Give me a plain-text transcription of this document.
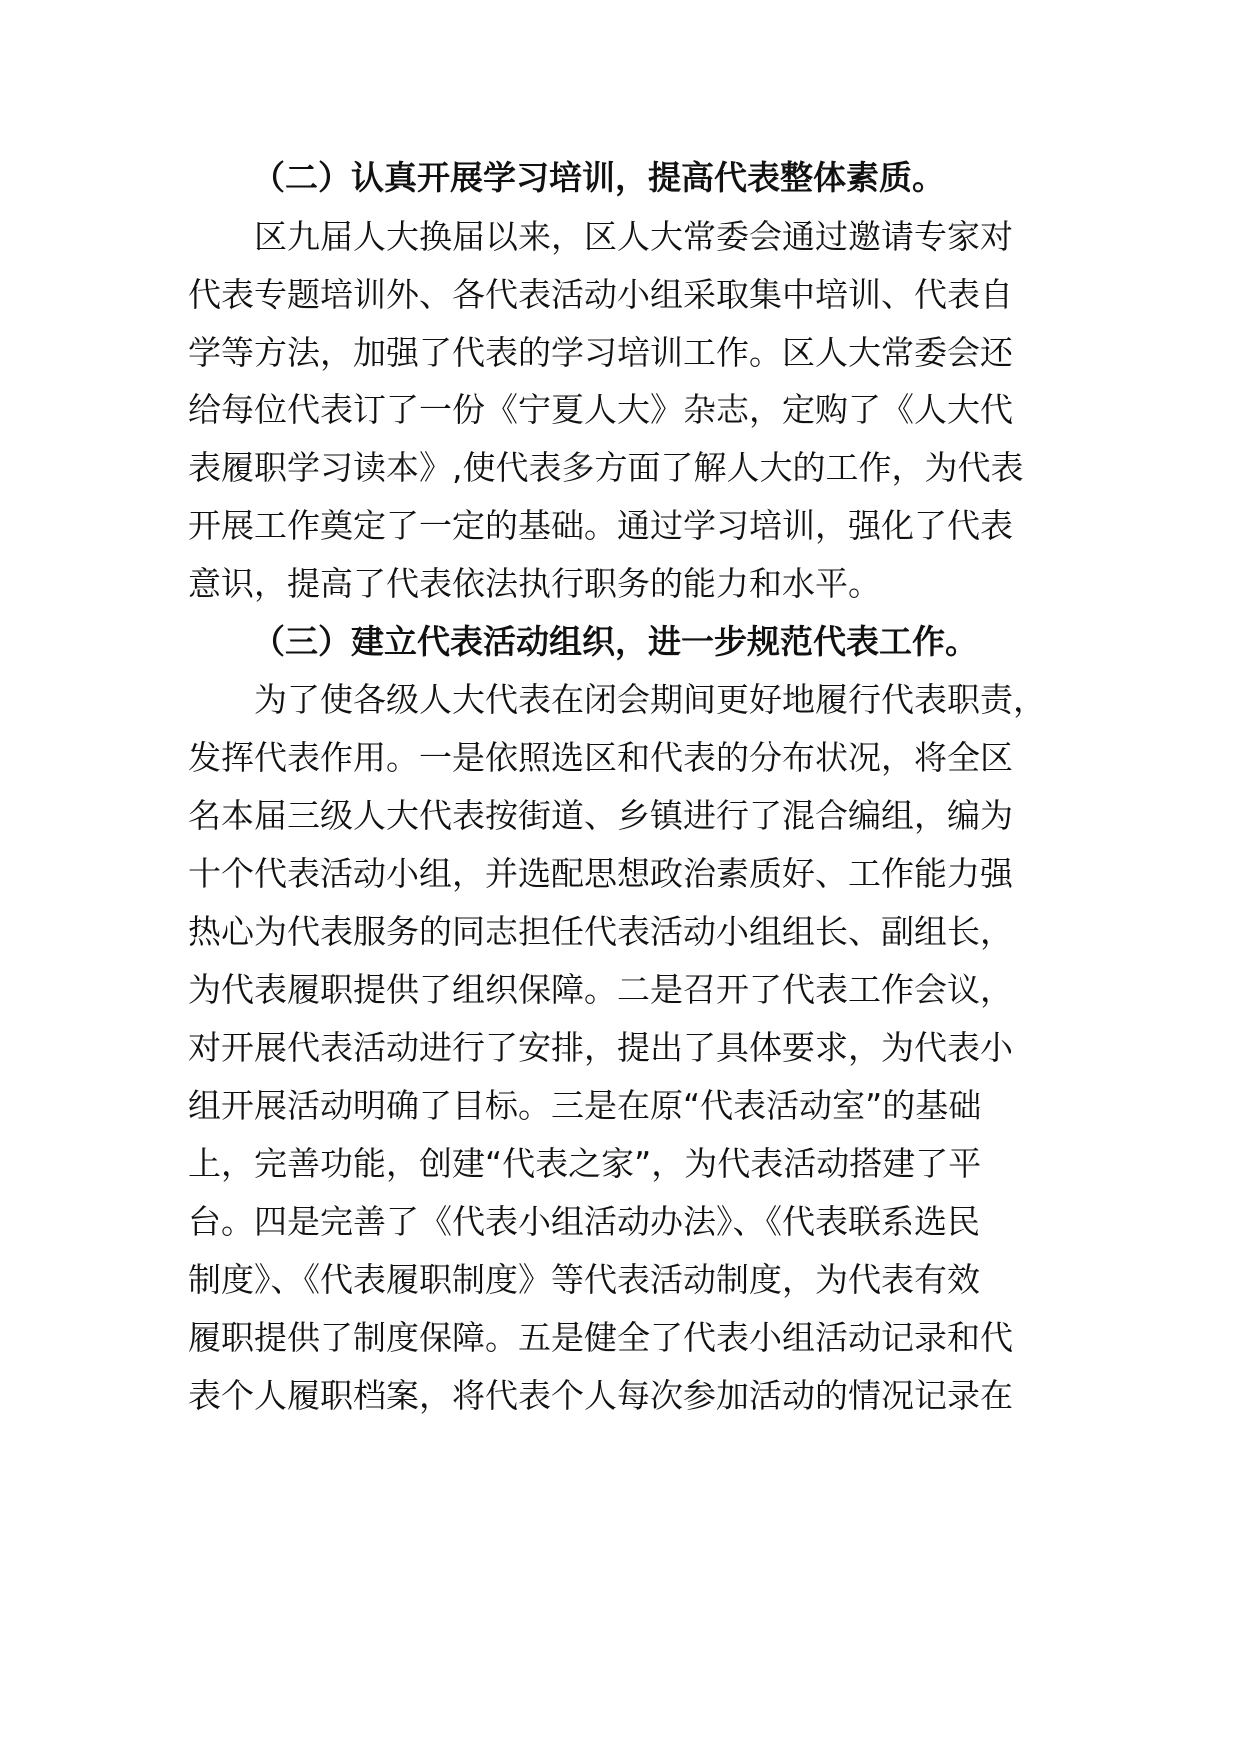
（二）认真开展学习培训，提高代表整体素质。
区九届人大换届以来，区人大常委会通过邀请专家对
代表专题培训外、各代表活动小组采取集中培训、代表自
学等方法，加强了代表的学习培训工作。区人大常委会还
给每位代表订了一份《宁夏人大》杂志，定购了《人大代
表履职学习读本》,使代表多方面了解人大的工作，为代表
开展工作奠定了一定的基础。通过学习培训，强化了代表
意识，提高了代表依法执行职务的能力和水平。
（三）建立代表活动组织，进一步规范代表工作。
为了使各级人大代表在闭会期间更好地履行代表职责，
发挥代表作用。一是依照选区和代表的分布状况，将全区
名本届三级人大代表按街道、乡镇进行了混合编组，编为
十个代表活动小组，并选配思想政治素质好、工作能力强
热心为代表服务的同志担任代表活动小组组长、副组长，
为代表履职提供了组织保障。二是召开了代表工作会议，
对开展代表活动进行了安排，提出了具体要求，为代表小
组开展活动明确了目标。三是在原“代表活动室”的基础
上，完善功能，创建“代表之家”，为代表活动搭建了平
台。四是完善了《代表小组活动办法》、《代表联系选民
制度》、《代表履职制度》等代表活动制度，为代表有效
履职提供了制度保障。五是健全了代表小组活动记录和代
表个人履职档案，将代表个人每次参加活动的情况记录在
